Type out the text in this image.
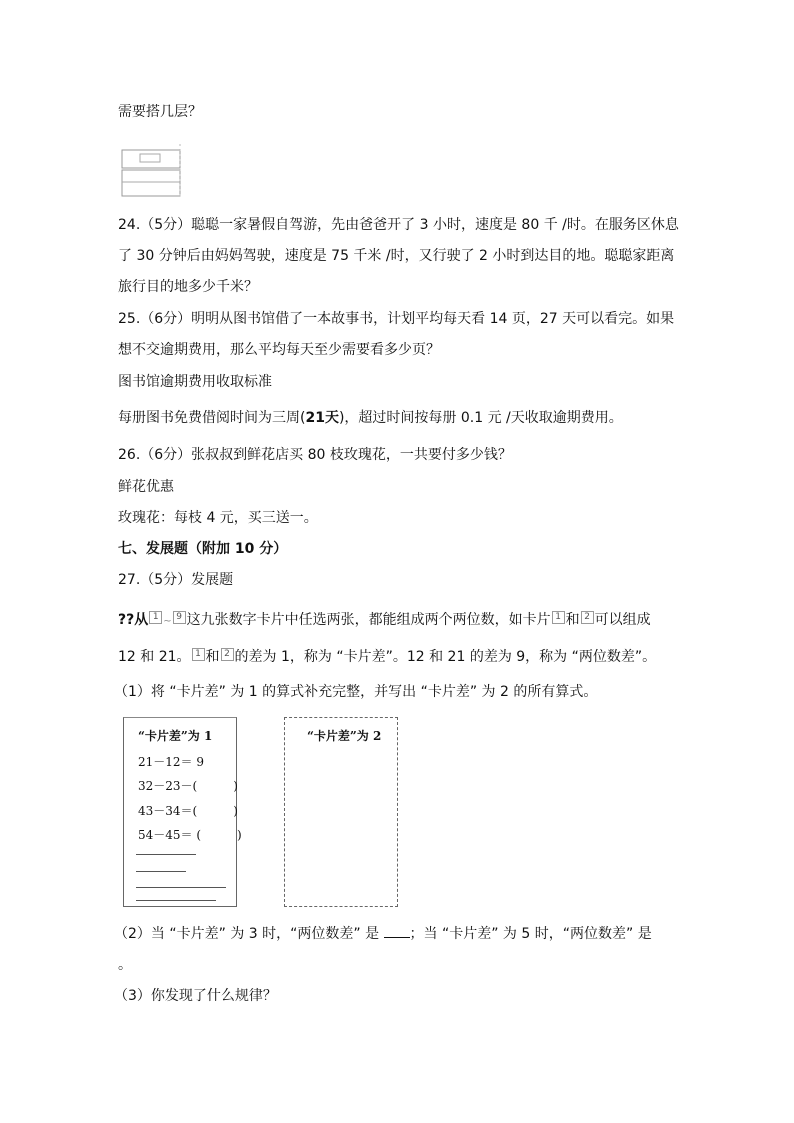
需要搭几层？
24.（5分）聪聪一家暑假自驾游，先由爸爸开了 3 小时，速度是 80 千 /时。在服务区休息
了 30 分钟后由妈妈驾驶，速度是 75 千米 /时，又行驶了 2 小时到达目的地。聪聪家距离
旅行目的地多少千米？
25.（6分）明明从图书馆借了一本故事书，计划平均每天看 14 页，27 天可以看完。如果
想不交逾期费用，那么平均每天至少需要看多少页？
图书馆逾期费用收取标准
每册图书免费借阅时间为三周(21天)，超过时间按每册 0.1 元 /天收取逾期费用。
26.（6分）张叔叔到鲜花店买 80 枝玫瑰花，一共要付多少钱？
鲜花优惠
玫瑰花：每枝 4 元，买三送一。
七、发展题（附加 10 分）
27.（5分）发展题
??从 1 ~ 9 这九张数字卡片中任选两张，都能组成两个两位数，如卡片 1 和 2 可以组成
12 和 21。 1 和 2 的差为 1，称为 “卡片差”。12 和 21 的差为 9，称为 “两位数差”。
（1）将 “卡片差” 为 1 的算式补充完整，并写出 “卡片差” 为 2 的所有算式。
“卡片差”为 1
21－12＝ 9
32－23－(　　　)
43－34＝(　　　)
54－45＝ (　　　)
“卡片差”为 2
（2）当 “卡片差” 为 3 时，“两位数差” 是 ；当 “卡片差” 为 5 时，“两位数差” 是
。
（3）你发现了什么规律？
